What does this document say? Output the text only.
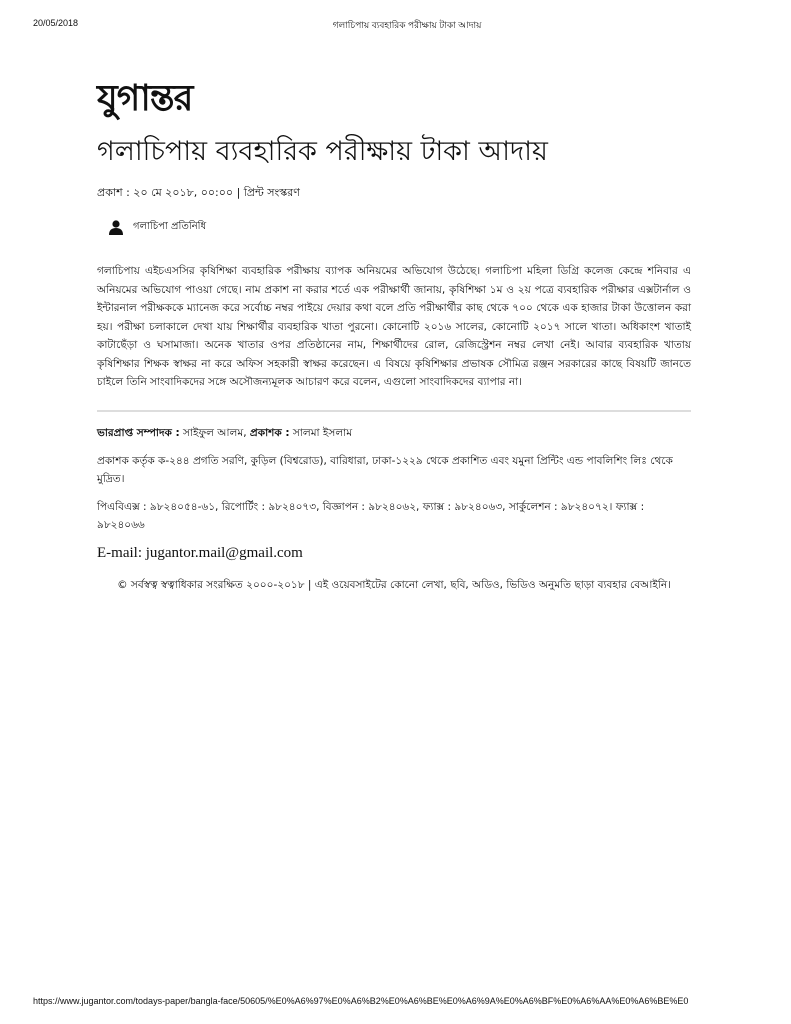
20/05/2018	গলাচিপায় ব্যবহারিক পরীক্ষায় টাকা আদায়
যুগান্তর
গলাচিপায় ব্যবহারিক পরীক্ষায় টাকা আদায়
প্রকাশ : ২০ মে ২০১৮, ০০:০০ | প্রিন্ট সংস্করণ
গলাচিপা প্রতিনিধি
গলাচিপায় এইচএসসির কৃষিশিক্ষা ব্যবহারিক পরীক্ষায় ব্যাপক অনিয়মের অভিযোগ উঠেছে। গলাচিপা মহিলা ডিগ্রি কলেজ কেন্দ্রে শনিবার এ অনিয়মের অভিযোগ পাওয়া গেছে। নাম প্রকাশ না করার শর্তে এক পরীক্ষার্থী জানায়, কৃষিশিক্ষা ১ম ও ২য় পত্রে ব্যবহারিক পরীক্ষার এক্সটার্নাল ও ইন্টারনাল পরীক্ষককে ম্যানেজ করে সর্বোচ্চ নম্বর পাইয়ে দেয়ার কথা বলে প্রতি পরীক্ষার্থীর কাছ থেকে ৭০০ থেকে এক হাজার টাকা উত্তোলন করা হয়। পরীক্ষা চলাকালে দেখা যায় শিক্ষার্থীর ব্যবহারিক খাতা পুরনো। কোনোটি ২০১৬ সালের, কোনোটি ২০১৭ সালে খাতা। অধিকাংশ খাতাই কাটাছেঁড়া ও ঘসামাজা। অনেক খাতার ওপর প্রতিষ্ঠানের নাম, শিক্ষার্থীদের রোল, রেজিস্ট্রেশন নম্বর লেখা নেই। আবার ব্যবহারিক খাতায় কৃষিশিক্ষার শিক্ষক স্বাক্ষর না করে অফিস সহকারী স্বাক্ষর করেছেন। এ বিষয়ে কৃষিশিক্ষার প্রভাষক সৌমিত্র রঞ্জন সরকারের কাছে বিষয়টি জানতে চাইলে তিনি সাংবাদিকদের সঙ্গে অসৌজন্যমূলক আচারণ করে বলেন, এগুলো সাংবাদিকদের ব্যাপার না।

ভারপ্রাপ্ত সম্পাদক : সাইফুল আলম, প্রকাশক : সালমা ইসলাম

প্রকাশক কর্তৃক ক-২৪৪ প্রগতি সরণি, কুড়িল (বিশ্বরোড), বারিধারা, ঢাকা-১২২৯ থেকে প্রকাশিত এবং যমুনা প্রিন্টিং এন্ড পাবলিশিং লিঃ থেকে মুদ্রিত।

পিএবিএক্স : ৯৮২৪০৫৪-৬১, রিপোর্টিং : ৯৮২৪০৭৩, বিজ্ঞাপন : ৯৮২৪০৬২, ফ্যাক্স : ৯৮২৪০৬৩, সার্কুলেশন : ৯৮২৪০৭২। ফ্যাক্স : ৯৮২৪০৬৬

E-mail: jugantor.mail@gmail.com
© সর্বস্বত্ব স্বত্বাধিকার সংরক্ষিত ২০০০-২০১৮ | এই ওয়েবসাইটের কোনো লেখা, ছবি, অডিও, ভিডিও অনুমতি ছাড়া ব্যবহার বেআইনি।
https://www.jugantor.com/todays-paper/bangla-face/50605/%E0%A6%97%E0%A6%B2%E0%A6%BE%E0%A6%9A%E0%A6%BF%E0%A6%AA%E0%A6%BE%E0
